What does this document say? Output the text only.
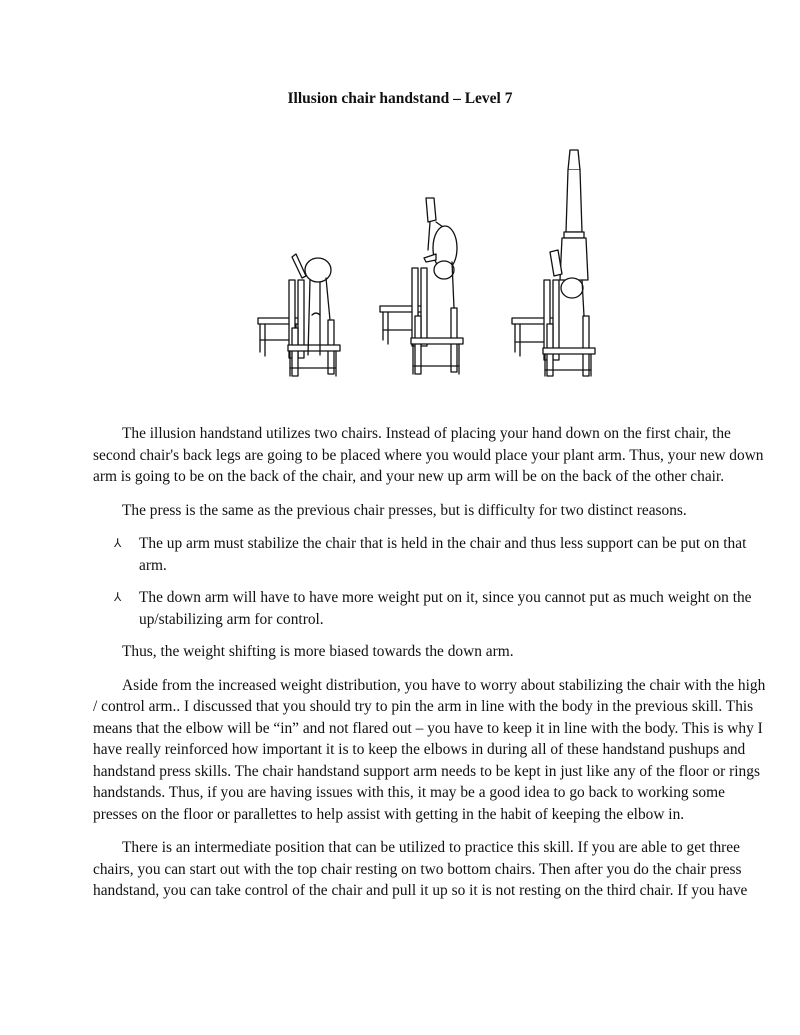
Illusion chair handstand – Level 7

The illusion handstand utilizes two chairs. Instead of placing your hand down on the first chair, the second chair's back legs are going to be placed where you would place your plant arm. Thus, your new down arm is going to be on the back of the chair, and your new up arm will be on the back of the other chair.

The press is the same as the previous chair presses, but is difficulty for two distinct reasons.

⅄ The up arm must stabilize the chair that is held in the chair and thus less support can be put on that arm.
⅄ The down arm will have to have more weight put on it, since you cannot put as much weight on the up/stabilizing arm for control.

Thus, the weight shifting is more biased towards the down arm.

Aside from the increased weight distribution, you have to worry about stabilizing the chair with the high / control arm.. I discussed that you should try to pin the arm in line with the body in the previous skill. This means that the elbow will be “in” and not flared out – you have to keep it in line with the body. This is why I have really reinforced how important it is to keep the elbows in during all of these handstand pushups and handstand press skills. The chair handstand support arm needs to be kept in just like any of the floor or rings handstands. Thus, if you are having issues with this, it may be a good idea to go back to working some presses on the floor or parallettes to help assist with getting in the habit of keeping the elbow in.

There is an intermediate position that can be utilized to practice this skill. If you are able to get three chairs, you can start out with the top chair resting on two bottom chairs. Then after you do the chair press handstand, you can take control of the chair and pull it up so it is not resting on the third chair. If you have
